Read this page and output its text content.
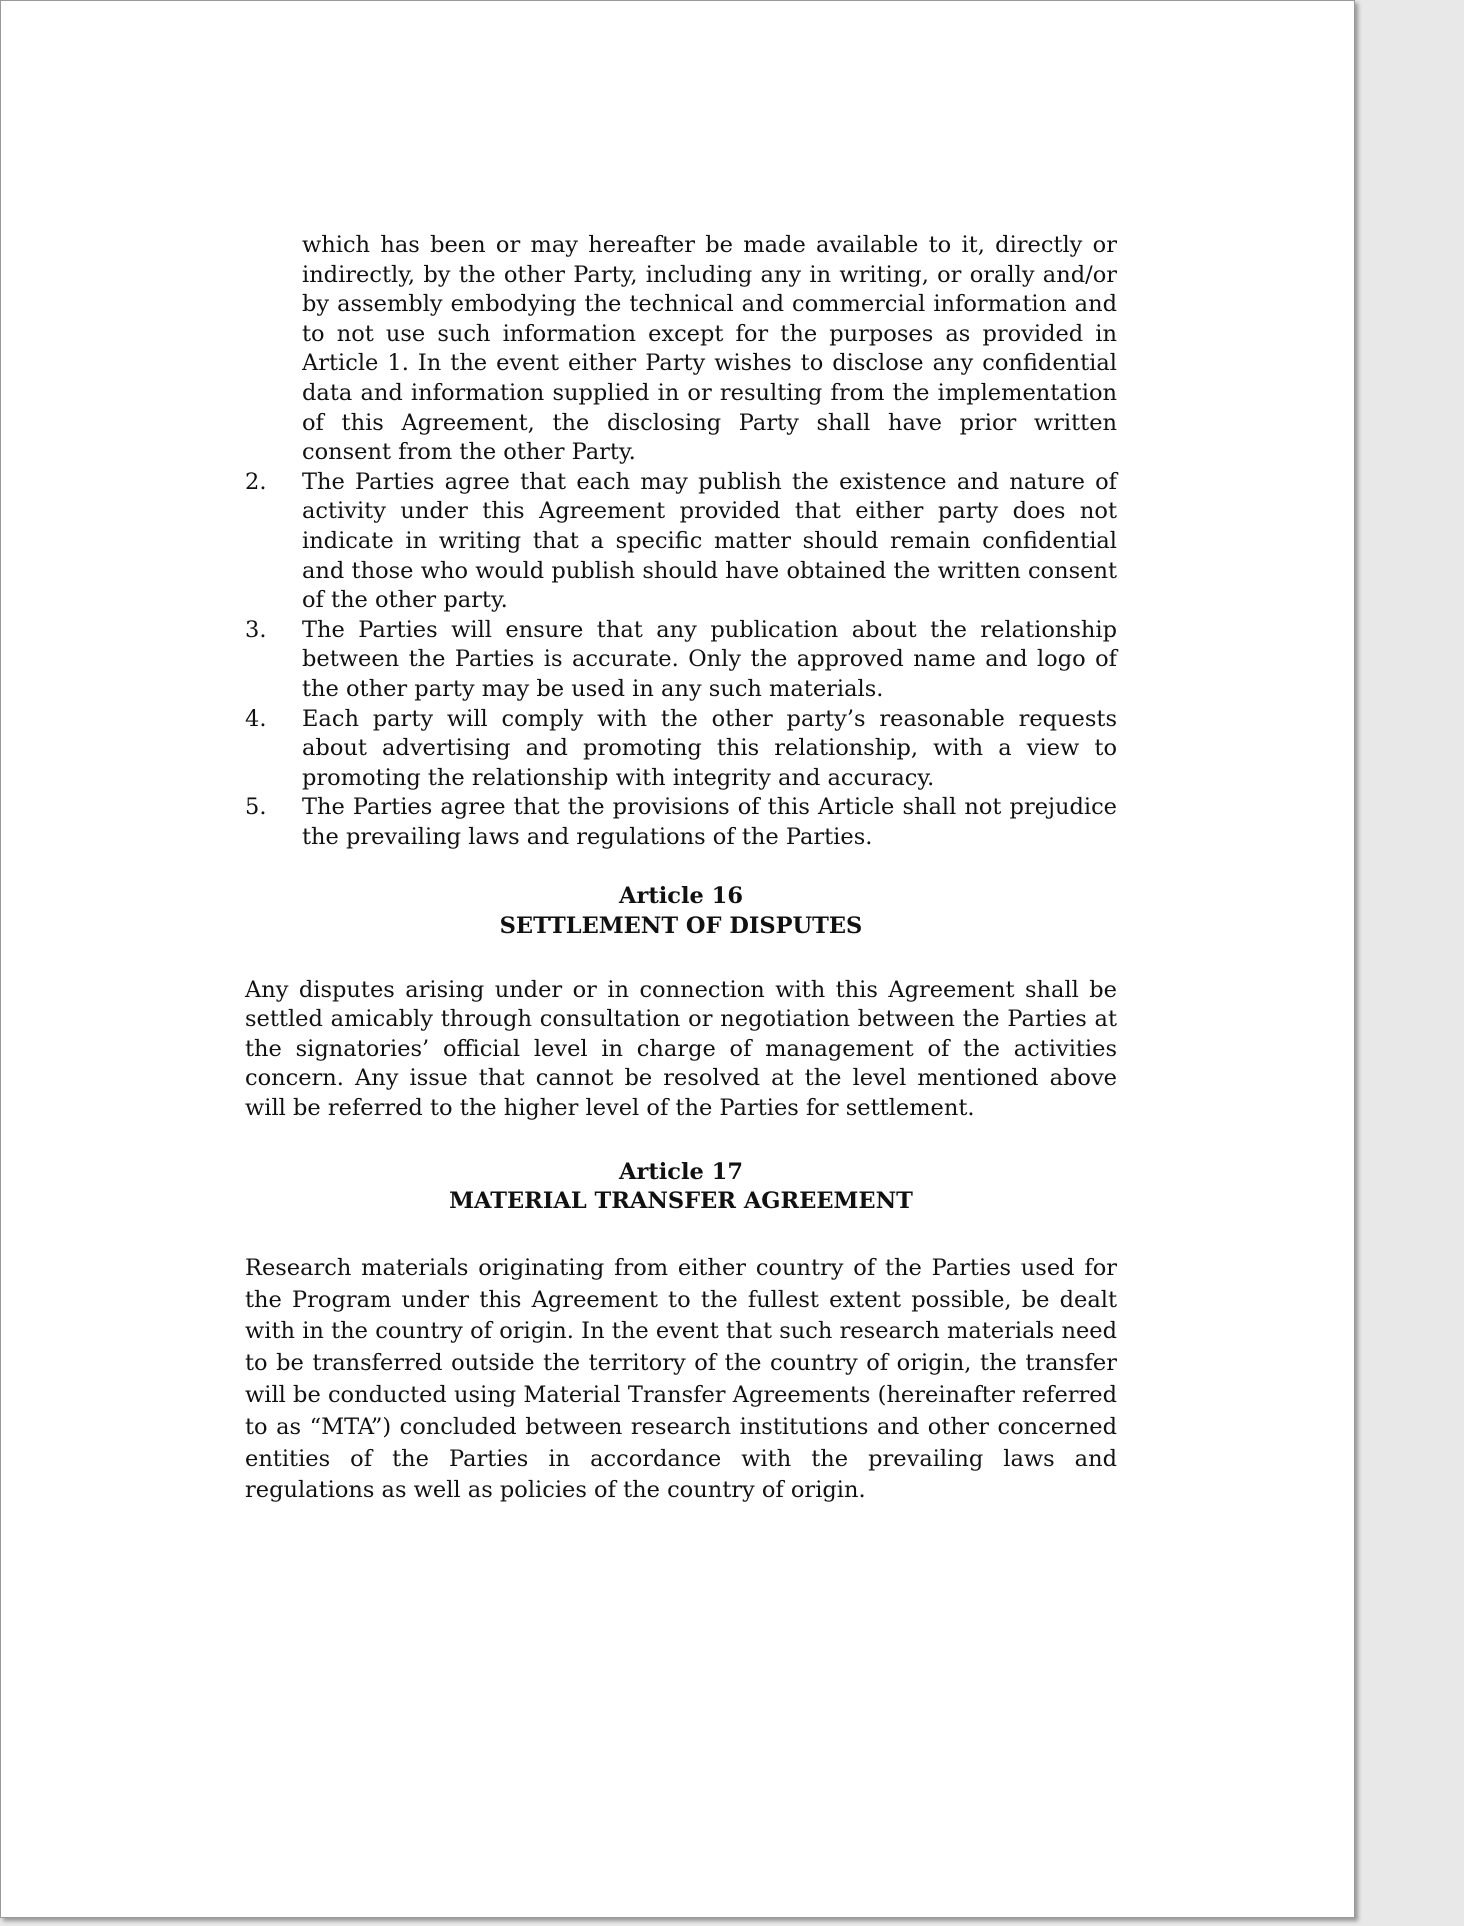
which has been or may hereafter be made available to it, directly or indirectly, by the other Party, including any in writing, or orally and/or by assembly embodying the technical and commercial information and to not use such information except for the purposes as provided in Article 1. In the event either Party wishes to disclose any confidential data and information supplied in or resulting from the implementation of this Agreement, the disclosing Party shall have prior written consent from the other Party.

2.	The Parties agree that each may publish the existence and nature of activity under this Agreement provided that either party does not indicate in writing that a specific matter should remain confidential and those who would publish should have obtained the written consent of the other party.
3.	The Parties will ensure that any publication about the relationship between the Parties is accurate. Only the approved name and logo of the other party may be used in any such materials.
4.	Each party will comply with the other party’s reasonable requests about advertising and promoting this relationship, with a view to promoting the relationship with integrity and accuracy.
5.	The Parties agree that the provisions of this Article shall not prejudice the prevailing laws and regulations of the Parties.

Article 16

SETTLEMENT OF DISPUTES

Any disputes arising under or in connection with this Agreement shall be settled amicably through consultation or negotiation between the Parties at the signatories’ official level in charge of management of the activities concern. Any issue that cannot be resolved at the level mentioned above will be referred to the higher level of the Parties for settlement.

Article 17

MATERIAL TRANSFER AGREEMENT

Research materials originating from either country of the Parties used for the Program under this Agreement to the fullest extent possible, be dealt with in the country of origin. In the event that such research materials need to be transferred outside the territory of the country of origin, the transfer will be conducted using Material Transfer Agreements (hereinafter referred to as “MTA”) concluded between research institutions and other concerned entities of the Parties in accordance with the prevailing laws and regulations as well as policies of the country of origin.
